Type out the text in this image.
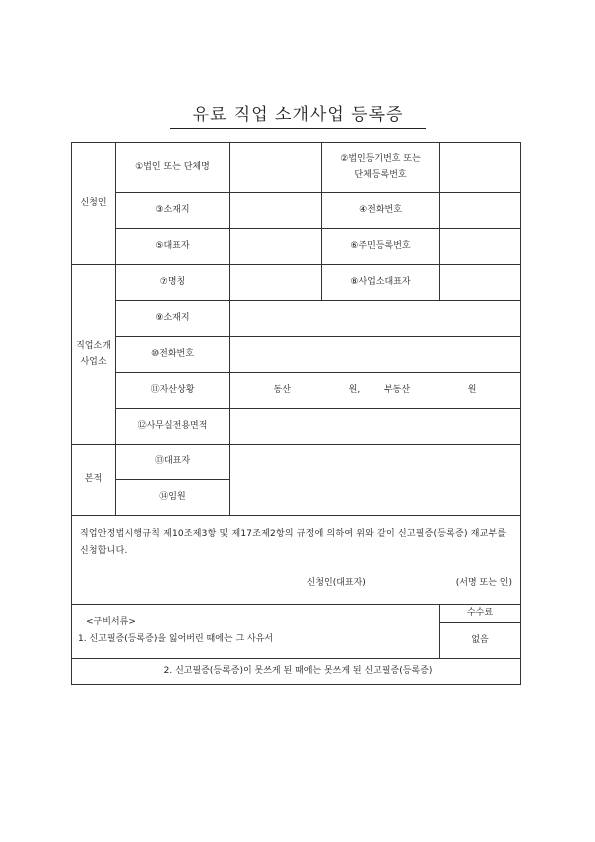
유료 직업 소개사업 등록증
신청인	①법인 또는 단체명		②법인등기번호 또는
단체등록번호	
	③소재지		④전화번호	
	⑤대표자		⑥주민등록번호	
직업소개
사업소	⑦명칭		⑧사업소대표자	
	⑨소재지			
	⑩전화번호			
	⑪자산상황	동산 원, 부동산 원		
	⑫사무실전용면적			
본적	⑬대표자			
	⑭임원			

직업안정법시행규칙 제10조제3항 및 제17조제2항의 규정에 의하여 위와 같이 신고필증(등록증) 재교부를 신청합니다.
신청인(대표자) (서명 또는 인)				

<구비서류>
1. 신고필증(등록증)을 잃어버린 때에는 그 사유서				수수료
				없음
2. 신고필증(등록증)이 못쓰게 된 때에는 못쓰게 된 신고필증(등록증)				
